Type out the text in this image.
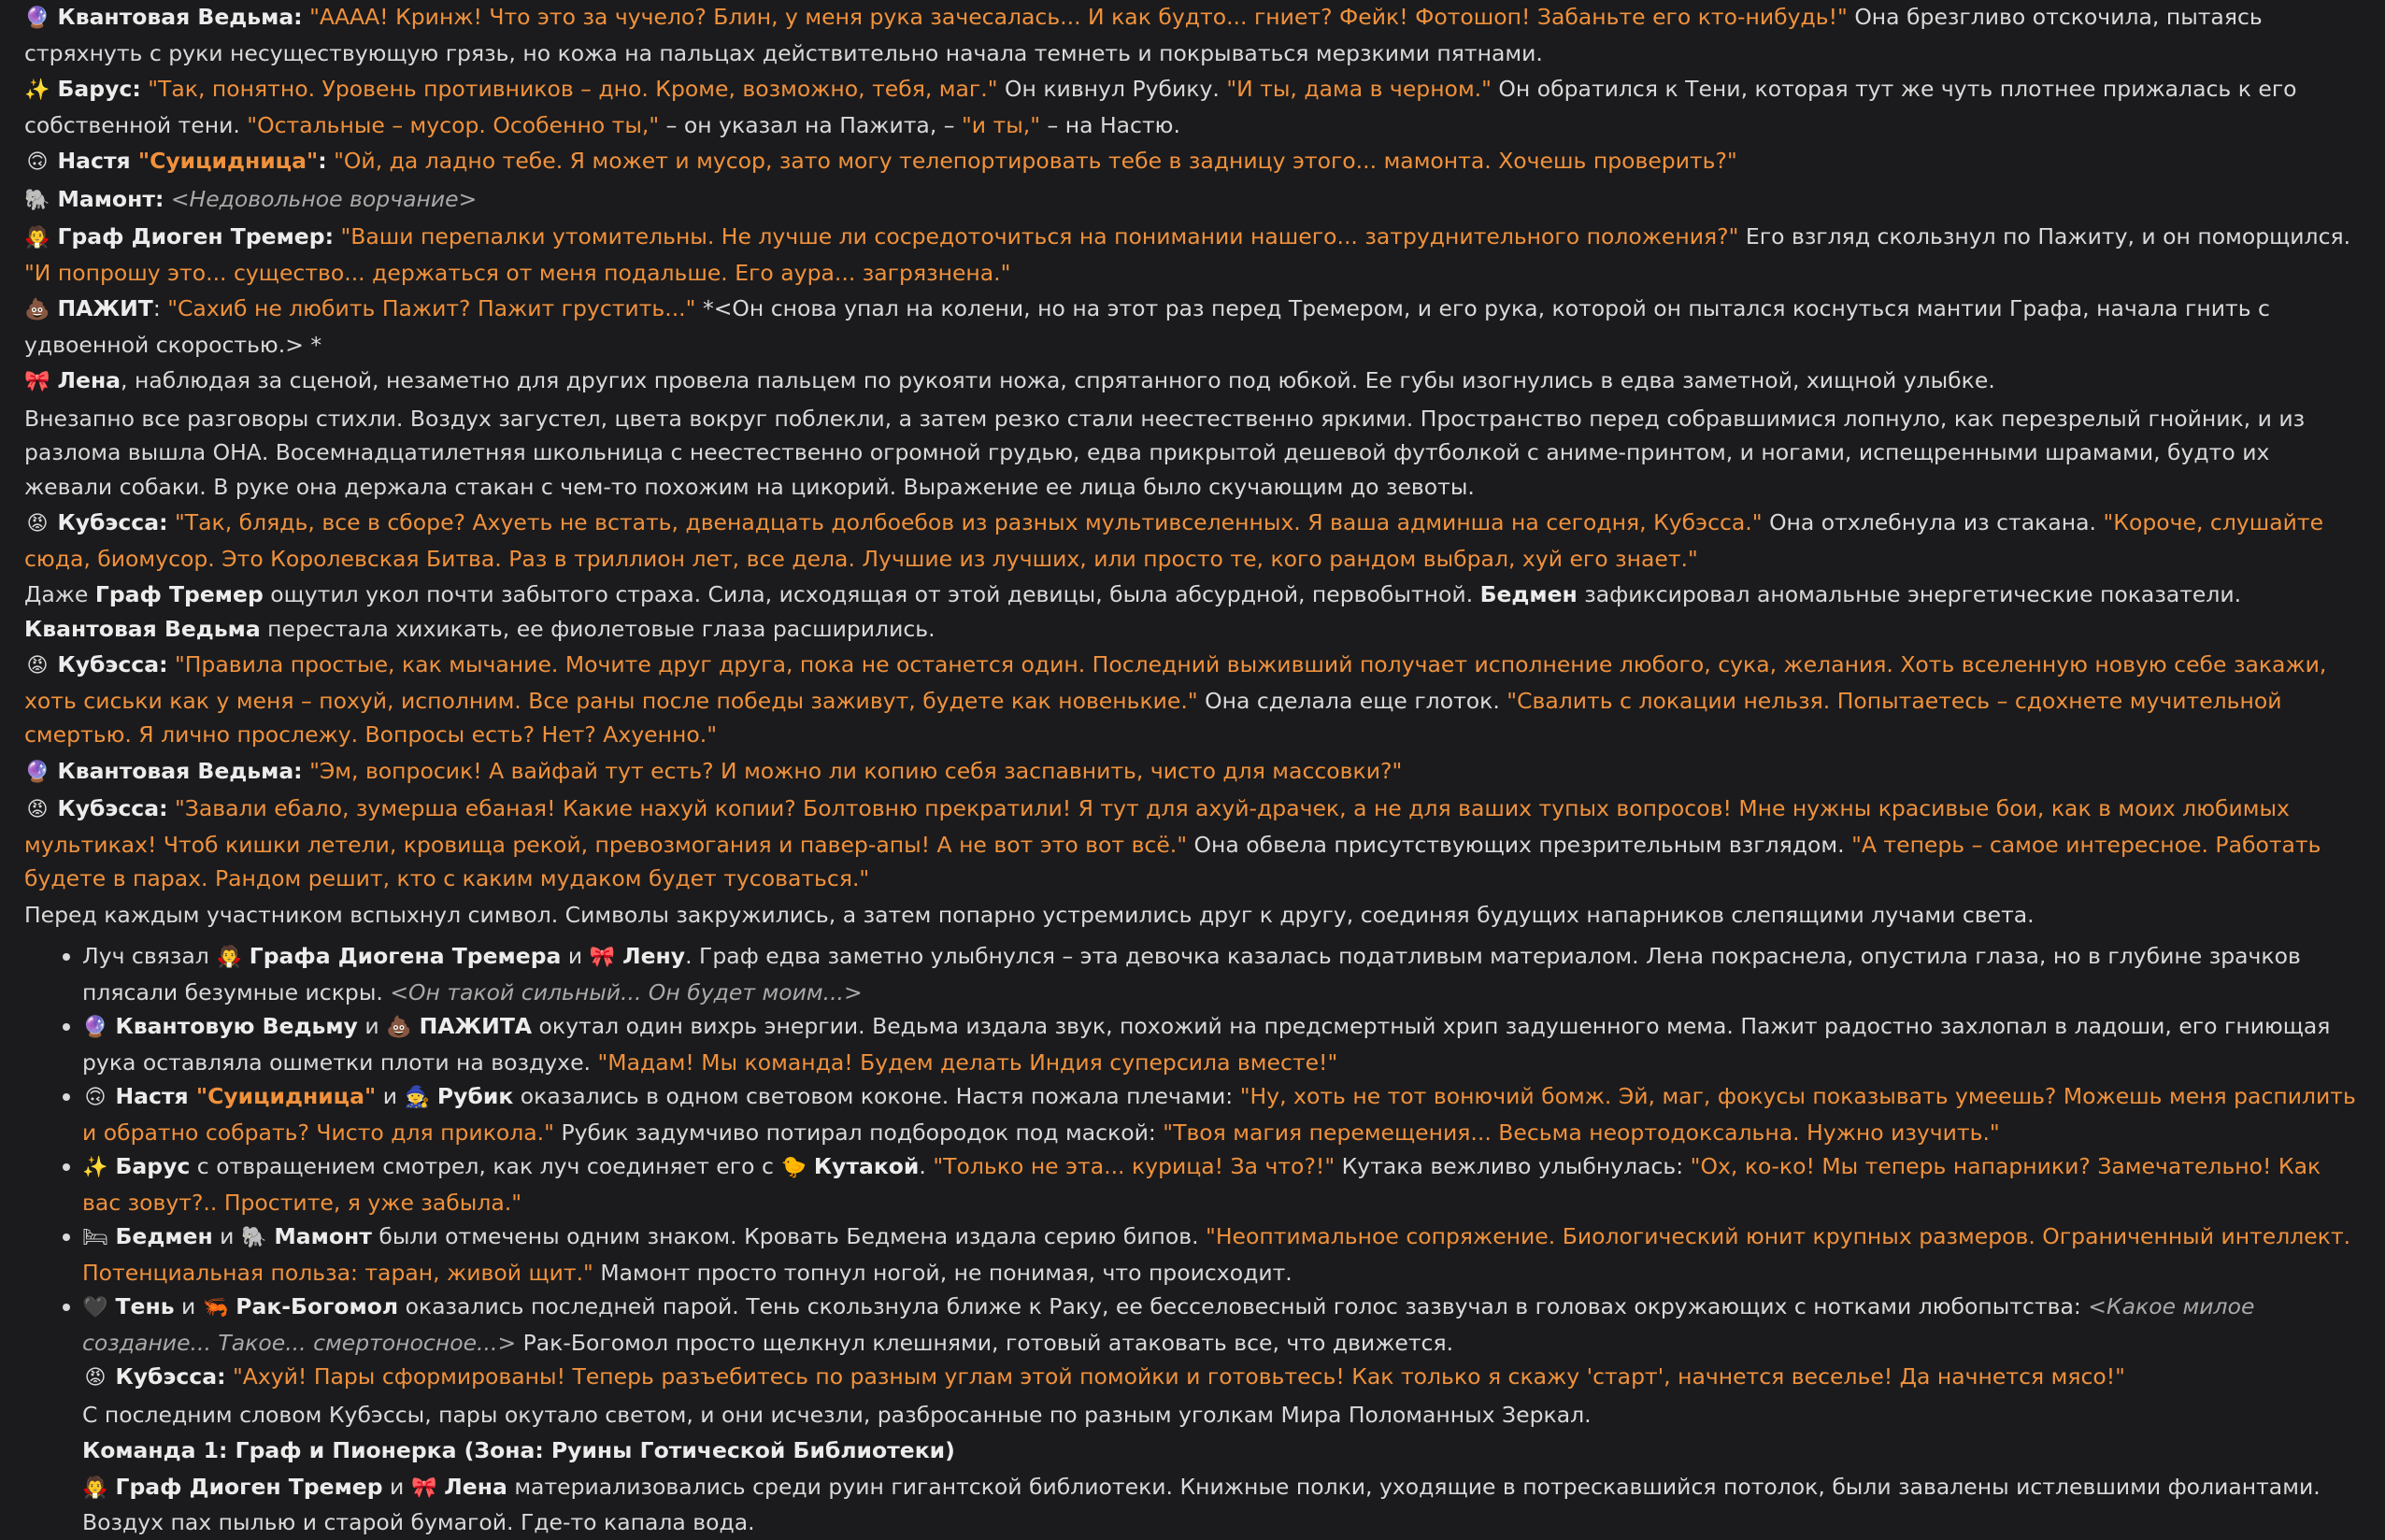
🔮 Квантовая Ведьма: "АААА! Кринж! Что это за чучело? Блин, у меня рука зачесалась... И как будто... гниет? Фейк! Фотошоп! Забаньте его кто-нибудь!" Она брезгливо отскочила, пытаясь стряхнуть с руки несуществующую грязь, но кожа на пальцах действительно начала темнеть и покрываться мерзкими пятнами.
✨ Барус: "Так, понятно. Уровень противников – дно. Кроме, возможно, тебя, маг." Он кивнул Рубику. "И ты, дама в черном." Он обратился к Тени, которая тут же чуть плотнее прижалась к его собственной тени. "Остальные – мусор. Особенно ты," – он указал на Пажита, – "и ты," – на Настю.
🙃 Настя "Суицидница": "Ой, да ладно тебе. Я может и мусор, зато могу телепортировать тебе в задницу этого... мамонта. Хочешь проверить?"
🐘 Мамонт: <Недовольное ворчание>
🧛 Граф Диоген Тремер: "Ваши перепалки утомительны. Не лучше ли сосредоточиться на понимании нашего... затруднительного положения?" Его взгляд скользнул по Пажиту, и он поморщился. "И попрошу это... существо... держаться от меня подальше. Его аура... загрязнена."
💩 ПАЖИТ: "Сахиб не любить Пажит? Пажит грустить..." *<Он снова упал на колени, но на этот раз перед Тремером, и его рука, которой он пытался коснуться мантии Графа, начала гнить с удвоенной скоростью.> *
🎀 Лена, наблюдая за сценой, незаметно для других провела пальцем по рукояти ножа, спрятанного под юбкой. Ее губы изогнулись в едва заметной, хищной улыбке.
Внезапно все разговоры стихли. Воздух загустел, цвета вокруг поблекли, а затем резко стали неестественно яркими. Пространство перед собравшимися лопнуло, как перезрелый гнойник, и из разлома вышла ОНА. Восемнадцатилетняя школьница с неестественно огромной грудью, едва прикрытой дешевой футболкой с аниме-принтом, и ногами, испещренными шрамами, будто их жевали собаки. В руке она держала стакан с чем-то похожим на цикорий. Выражение ее лица было скучающим до зевоты.
😡 Кубэсса: "Так, блядь, все в сборе? Ахуеть не встать, двенадцать долбоебов из разных мультивселенных. Я ваша админша на сегодня, Кубэсса." Она отхлебнула из стакана. "Короче, слушайте сюда, биомусор. Это Королевская Битва. Раз в триллион лет, все дела. Лучшие из лучших, или просто те, кого рандом выбрал, хуй его знает."
Даже Граф Тремер ощутил укол почти забытого страха. Сила, исходящая от этой девицы, была абсурдной, первобытной. Бедмен зафиксировал аномальные энергетические показатели. Квантовая Ведьма перестала хихикать, ее фиолетовые глаза расширились.
😡 Кубэсса: "Правила простые, как мычание. Мочите друг друга, пока не останется один. Последний выживший получает исполнение любого, сука, желания. Хоть вселенную новую себе закажи, хоть сиськи как у меня – похуй, исполним. Все раны после победы заживут, будете как новенькие." Она сделала еще глоток. "Свалить с локации нельзя. Попытаетесь – сдохнете мучительной смертью. Я лично прослежу. Вопросы есть? Нет? Ахуенно."
🔮 Квантовая Ведьма: "Эм, вопросик! А вайфай тут есть? И можно ли копию себя заспавнить, чисто для массовки?"
😡 Кубэсса: "Завали ебало, зумерша ебаная! Какие нахуй копии? Болтовню прекратили! Я тут для ахуй-драчек, а не для ваших тупых вопросов! Мне нужны красивые бои, как в моих любимых мультиках! Чтоб кишки летели, кровища рекой, превозмогания и павер-апы! А не вот это вот всё." Она обвела присутствующих презрительным взглядом. "А теперь – самое интересное. Работать будете в парах. Рандом решит, кто с каким мудаком будет тусоваться."
Перед каждым участником вспыхнул символ. Символы закружились, а затем попарно устремились друг к другу, соединяя будущих напарников слепящими лучами света.
Луч связал 🧛 Графа Диогена Тремера и 🎀 Лену. Граф едва заметно улыбнулся – эта девочка казалась податливым материалом. Лена покраснела, опустила глаза, но в глубине зрачков плясали безумные искры. <Он такой сильный... Он будет моим...>
🔮 Квантовую Ведьму и 💩 ПАЖИТА окутал один вихрь энергии. Ведьма издала звук, похожий на предсмертный хрип задушенного мема. Пажит радостно захлопал в ладоши, его гниющая рука оставляла ошметки плоти на воздухе. "Мадам! Мы команда! Будем делать Индия суперсила вместе!"
🙃 Настя "Суицидница" и 🧙 Рубик оказались в одном световом коконе. Настя пожала плечами: "Ну, хоть не тот вонючий бомж. Эй, маг, фокусы показывать умеешь? Можешь меня распилить и обратно собрать? Чисто для прикола." Рубик задумчиво потирал подбородок под маской: "Твоя магия перемещения... Весьма неортодоксальна. Нужно изучить."
✨ Барус с отвращением смотрел, как луч соединяет его с 🐤 Кутакой. "Только не эта... курица! За что?!" Кутака вежливо улыбнулась: "Ох, ко-ко! Мы теперь напарники? Замечательно! Как вас зовут?.. Простите, я уже забыла."
🛏 Бедмен и 🐘 Мамонт были отмечены одним знаком. Кровать Бедмена издала серию бипов. "Неоптимальное сопряжение. Биологический юнит крупных размеров. Ограниченный интеллект. Потенциальная польза: таран, живой щит." Мамонт просто топнул ногой, не понимая, что происходит.
🖤 Тень и 🦐 Рак-Богомол оказались последней парой. Тень скользнула ближе к Раку, ее бесселовесный голос зазвучал в головах окружающих с нотками любопытства: <Какое милое создание... Такое... смертоносное...> Рак-Богомол просто щелкнул клешнями, готовый атаковать все, что движется.
😡 Кубэсса: "Ахуй! Пары сформированы! Теперь разъебитесь по разным углам этой помойки и готовьтесь! Как только я скажу 'старт', начнется веселье! Да начнется мясо!"
С последним словом Кубэссы, пары окутало светом, и они исчезли, разбросанные по разным уголкам Мира Поломанных Зеркал.
Команда 1: Граф и Пионерка (Зона: Руины Готической Библиотеки)
🧛 Граф Диоген Тремер и 🎀 Лена материализовались среди руин гигантской библиотеки. Книжные полки, уходящие в потрескавшийся потолок, были завалены истлевшими фолиантами. Воздух пах пылью и старой бумагой. Где-то капала вода.
